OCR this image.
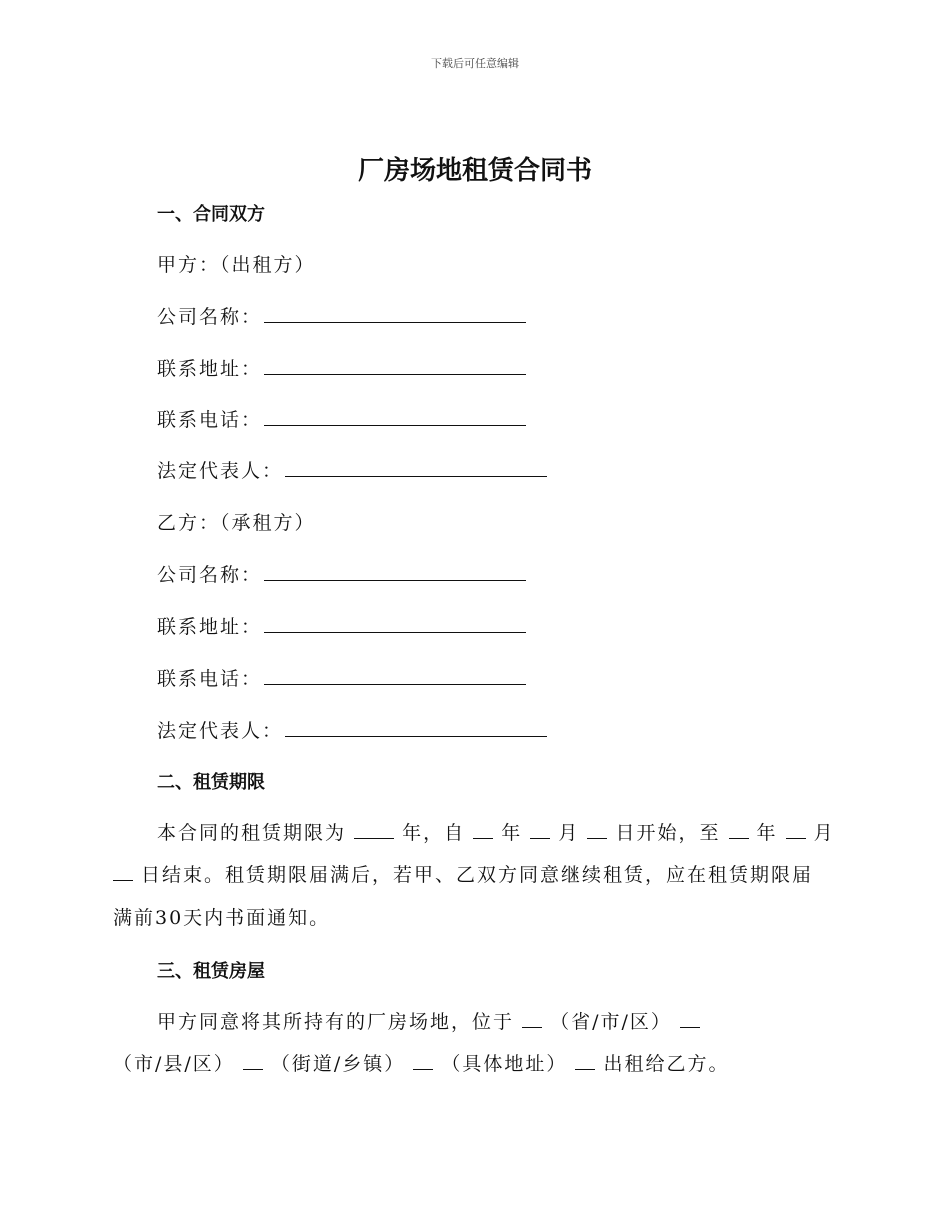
下载后可任意编辑
厂房场地租赁合同书
一、合同双方
甲方：（出租方）
公司名称：
联系地址：
联系电话：
法定代表人：
乙方：（承租方）
公司名称：
联系地址：
联系电话：
法定代表人：
二、租赁期限
本合同的租赁期限为	年，自 年 月 日开始，至 年 月
日结束。租赁期限届满后，若甲、乙双方同意继续租赁，应在租赁期限届
满前30天内书面通知。
三、租赁房屋
甲方同意将其所持有的厂房场地，位于 （省/市/区）
（市/县/区） （街道/乡镇） （具体地址） 出租给乙方。
